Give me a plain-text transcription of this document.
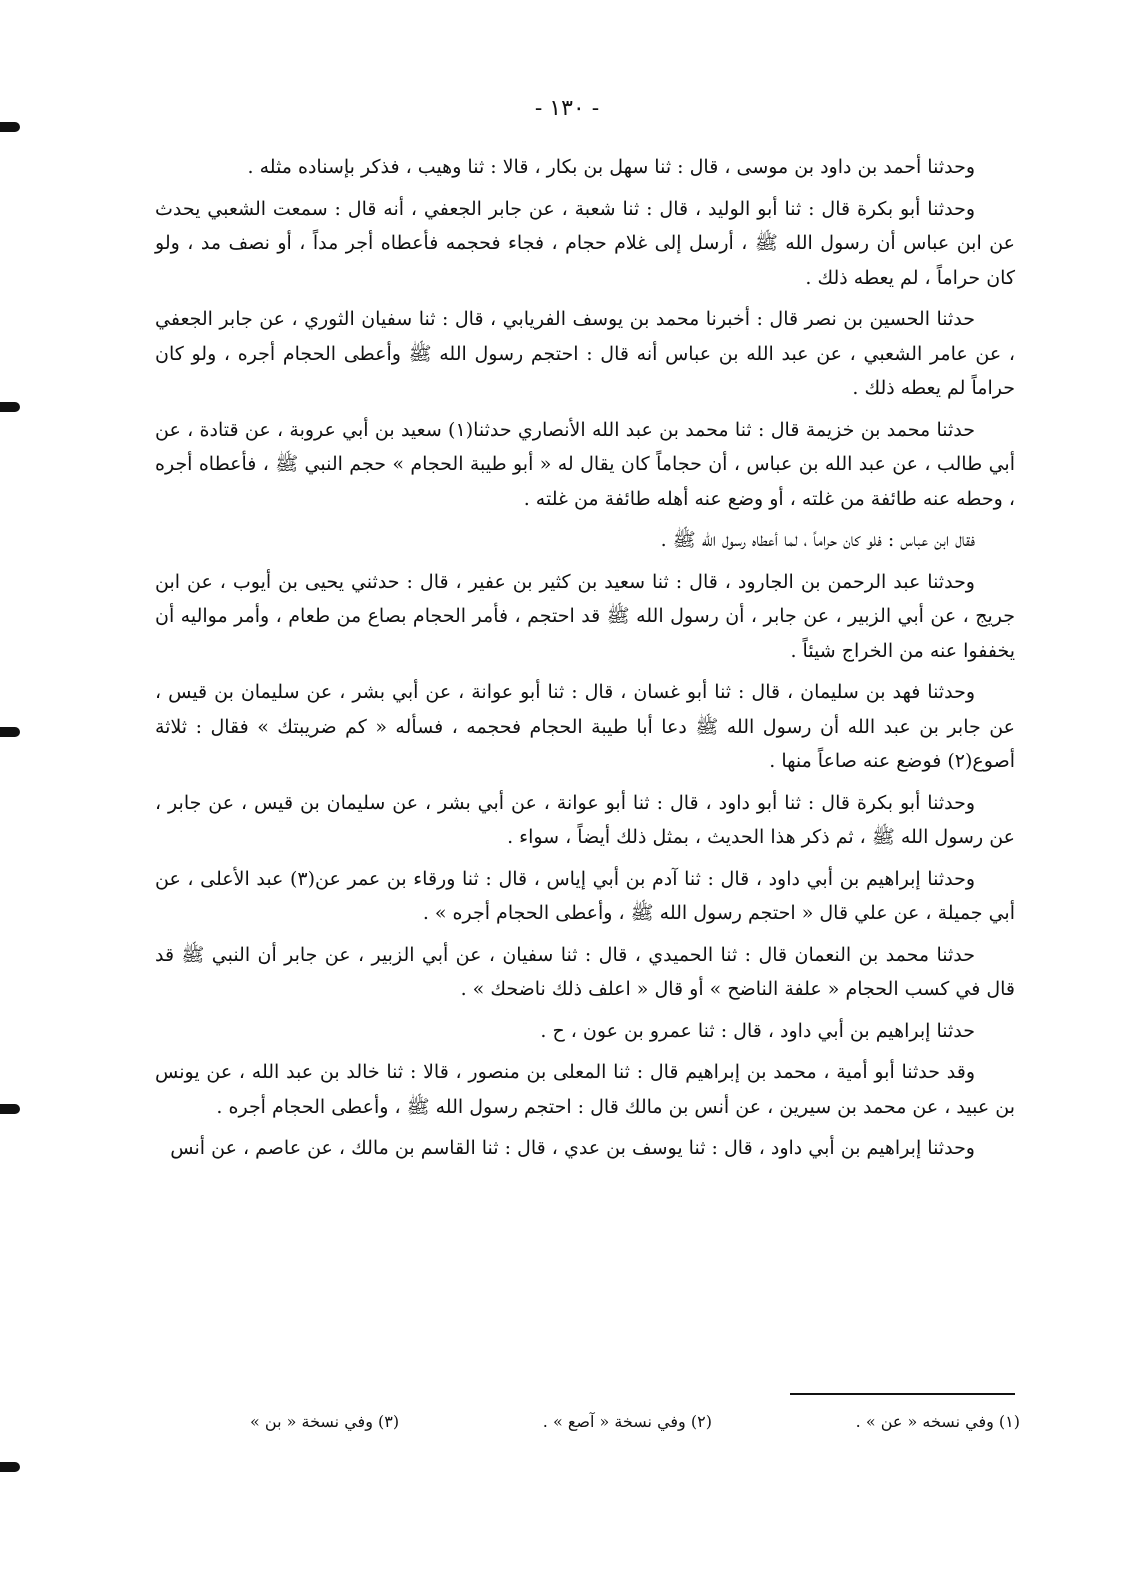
- ١٣٠ -

وحدثنا أحمد بن داود بن موسى ، قال : ثنا سهل بن بكار ، قالا : ثنا وهيب ، فذكر بإسناده مثله .

وحدثنا أبو بكرة قال : ثنا أبو الوليد ، قال : ثنا شعبة ، عن جابر الجعفي ، أنه قال : سمعت الشعبي يحدث عن ابن عباس أن رسول الله ﷺ ، أرسل إلى غلام حجام ، فجاء فحجمه فأعطاه أجر مداً ، أو نصف مد ، ولو كان حراماً ، لم يعطه ذلك .

حدثنا الحسين بن نصر قال : أخبرنا محمد بن يوسف الفريابي ، قال : ثنا سفيان الثوري ، عن جابر الجعفي ، عن عامر الشعبي ، عن عبد الله بن عباس أنه قال : احتجم رسول الله ﷺ وأعطى الحجام أجره ، ولو كان حراماً لم يعطه ذلك .

حدثنا محمد بن خزيمة قال : ثنا محمد بن عبد الله الأنصاري حدثنا(١) سعيد بن أبي عروبة ، عن قتادة ، عن أبي طالب ، عن عبد الله بن عباس ، أن حجاماً كان يقال له « أبو طيبة الحجام » حجم النبي ﷺ ، فأعطاه أجره ، وحطه عنه طائفة من غلته ، أو وضع عنه أهله طائفة من غلته .

فقال ابن عباس : فلو كان حراماً ، لما أعطاه رسول الله ﷺ .

وحدثنا عبد الرحمن بن الجارود ، قال : ثنا سعيد بن كثير بن عفير ، قال : حدثني يحيى بن أيوب ، عن ابن جريج ، عن أبي الزبير ، عن جابر ، أن رسول الله ﷺ قد احتجم ، فأمر الحجام بصاع من طعام ، وأمر مواليه أن يخففوا عنه من الخراج شيئاً .

وحدثنا فهد بن سليمان ، قال : ثنا أبو غسان ، قال : ثنا أبو عوانة ، عن أبي بشر ، عن سليمان بن قيس ، عن جابر بن عبد الله أن رسول الله ﷺ دعا أبا طيبة الحجام فحجمه ، فسأله « كم ضريبتك » فقال : ثلاثة أصوع(٢) فوضع عنه صاعاً منها .

وحدثنا أبو بكرة قال : ثنا أبو داود ، قال : ثنا أبو عوانة ، عن أبي بشر ، عن سليمان بن قيس ، عن جابر ، عن رسول الله ﷺ ، ثم ذكر هذا الحديث ، بمثل ذلك أيضاً ، سواء .

وحدثنا إبراهيم بن أبي داود ، قال : ثنا آدم بن أبي إياس ، قال : ثنا ورقاء بن عمر عن(٣) عبد الأعلى ، عن أبي جميلة ، عن علي قال « احتجم رسول الله ﷺ ، وأعطى الحجام أجره » .

حدثنا محمد بن النعمان قال : ثنا الحميدي ، قال : ثنا سفيان ، عن أبي الزبير ، عن جابر أن النبي ﷺ قد قال في كسب الحجام « علفة الناضح » أو قال « اعلف ذلك ناضحك » .

حدثنا إبراهيم بن أبي داود ، قال : ثنا عمرو بن عون ، ح .

وقد حدثنا أبو أمية ، محمد بن إبراهيم قال : ثنا المعلى بن منصور ، قالا : ثنا خالد بن عبد الله ، عن يونس بن عبيد ، عن محمد بن سيرين ، عن أنس بن مالك قال : احتجم رسول الله ﷺ ، وأعطى الحجام أجره .

وحدثنا إبراهيم بن أبي داود ، قال : ثنا يوسف بن عدي ، قال : ثنا القاسم بن مالك ، عن عاصم ، عن أنس

(١) وفي نسخه « عن » .
(٢) وفي نسخة « آصع » .
(٣) وفي نسخة « بن »
